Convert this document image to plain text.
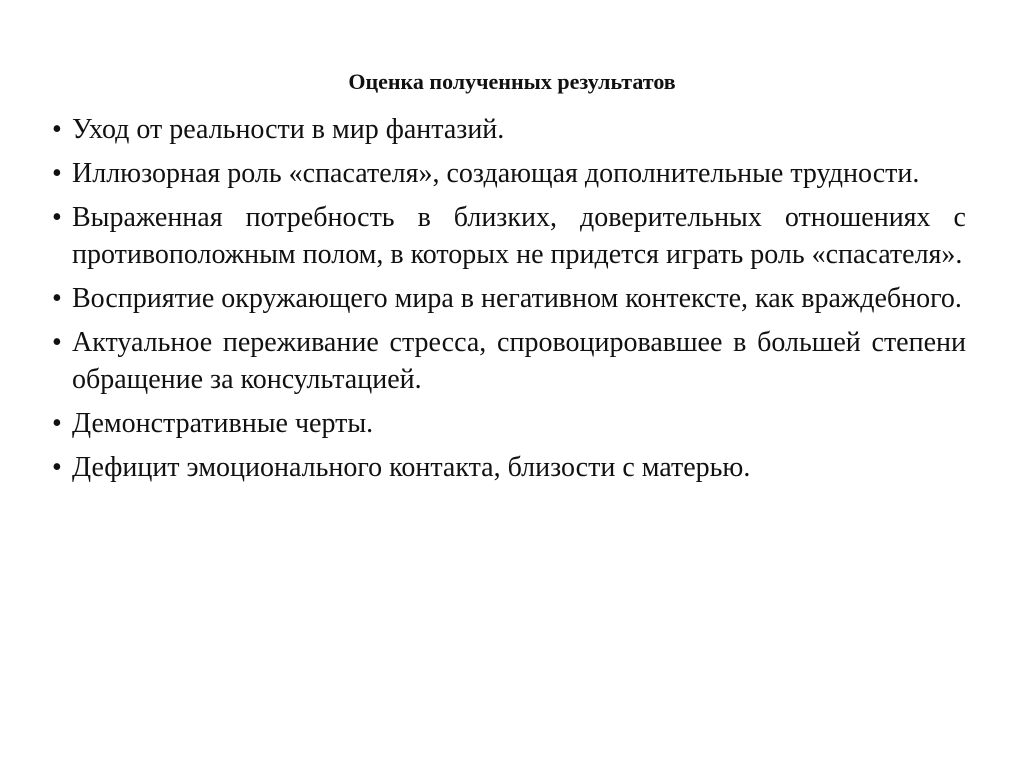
Оценка полученных результатов
• Уход от реальности в мир фантазий.
• Иллюзорная роль «спасателя», создающая дополнительные трудности.
• Выраженная потребность в близких, доверительных отношениях с противоположным полом, в которых не придется играть роль «спасателя».
• Восприятие окружающего мира в негативном контексте, как враждебного.
• Актуальное переживание стресса, спровоцировавшее в большей степени обращение за консультацией.
• Демонстративные черты.
• Дефицит эмоционального контакта, близости с матерью.
